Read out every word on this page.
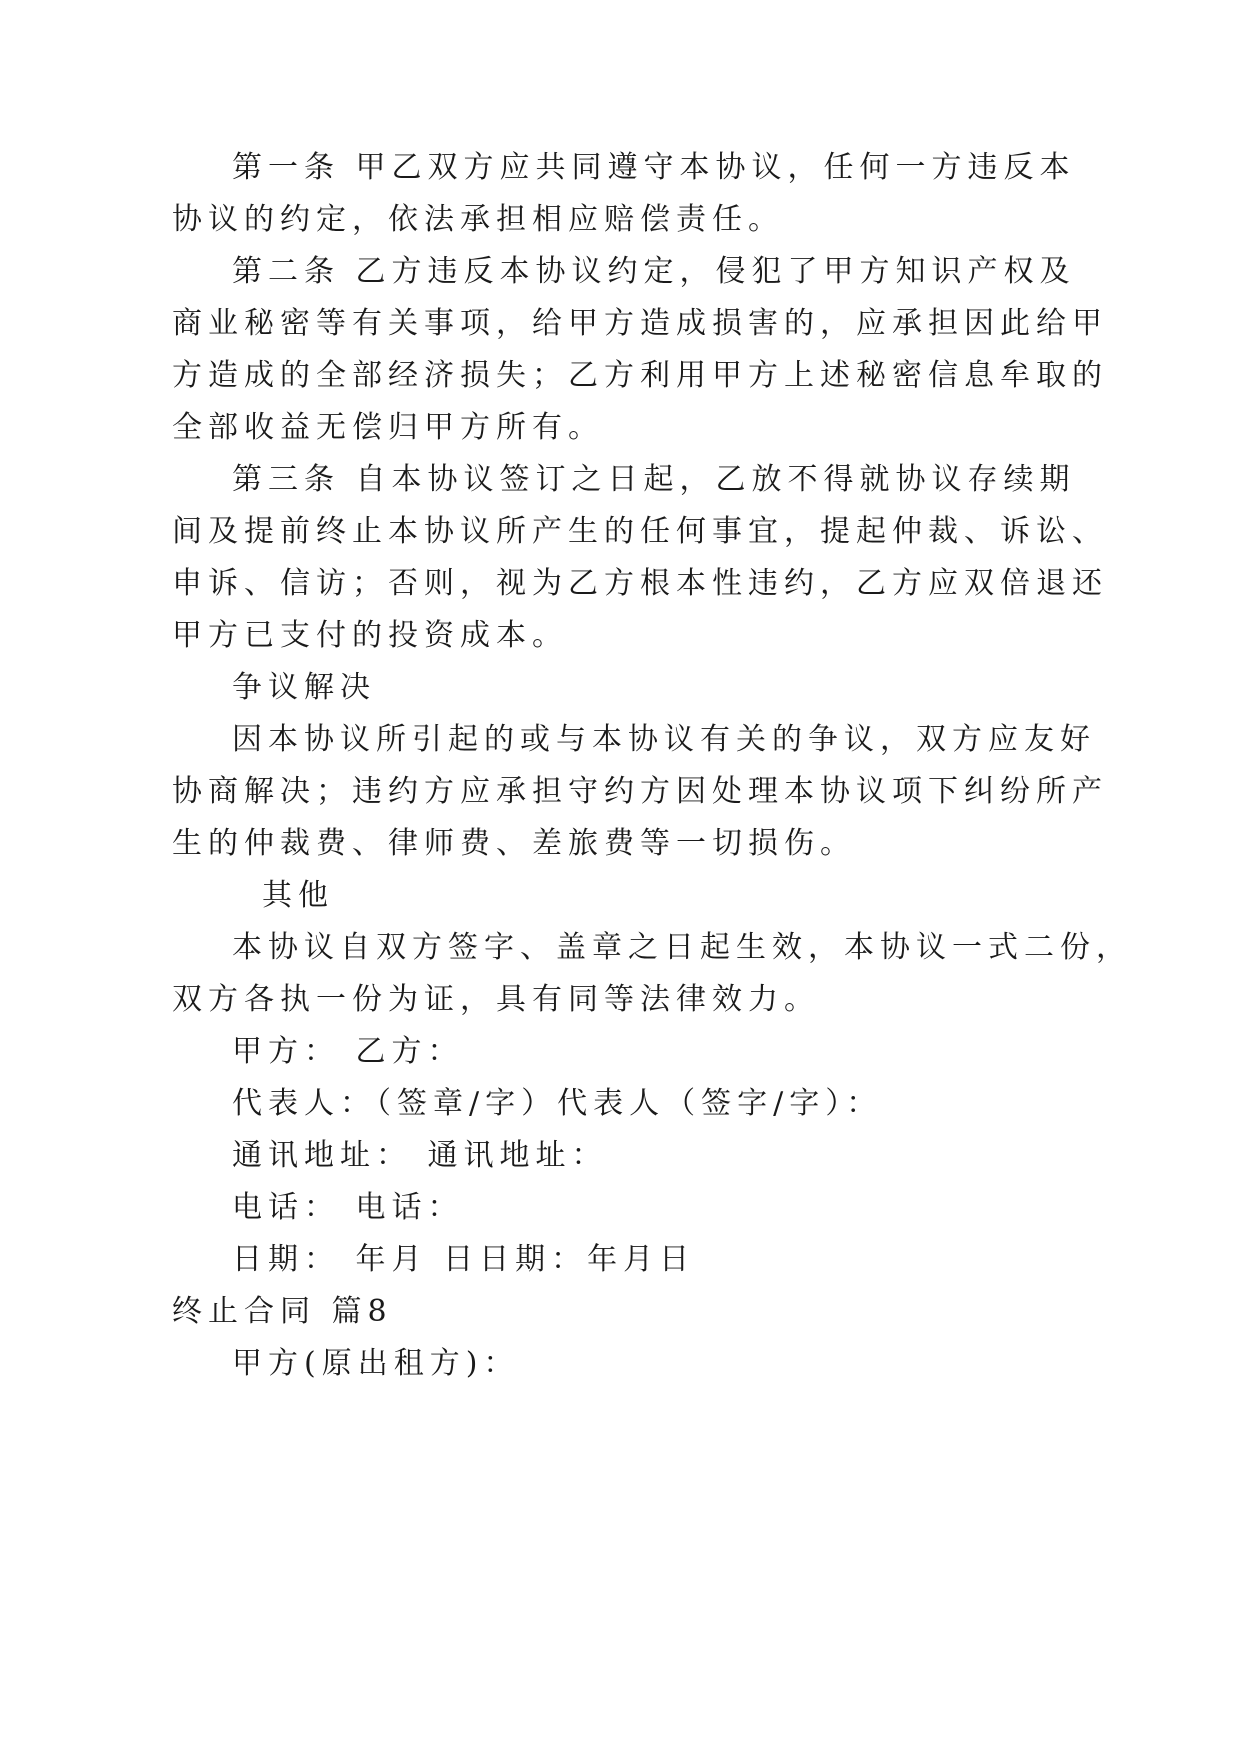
第一条 甲乙双方应共同遵守本协议，任何一方违反本

协议的约定，依法承担相应赔偿责任。

第二条 乙方违反本协议约定，侵犯了甲方知识产权及

商业秘密等有关事项，给甲方造成损害的，应承担因此给甲

方造成的全部经济损失；乙方利用甲方上述秘密信息牟取的

全部收益无偿归甲方所有。

第三条 自本协议签订之日起，乙放不得就协议存续期

间及提前终止本协议所产生的任何事宜，提起仲裁、诉讼、

申诉、信访；否则，视为乙方根本性违约，乙方应双倍退还

甲方已支付的投资成本。

争议解决

因本协议所引起的或与本协议有关的争议，双方应友好

协商解决；违约方应承担守约方因处理本协议项下纠纷所产

生的仲裁费、律师费、差旅费等一切损伤。

其他

本协议自双方签字、盖章之日起生效，本协议一式二份，

双方各执一份为证，具有同等法律效力。

甲方： 乙方：

代表人：（签章/字）代表人（签字/字）：

通讯地址： 通讯地址：

电话： 电话：

日期： 年月 日日期：年月日

终止合同 篇8

甲方(原出租方)：
